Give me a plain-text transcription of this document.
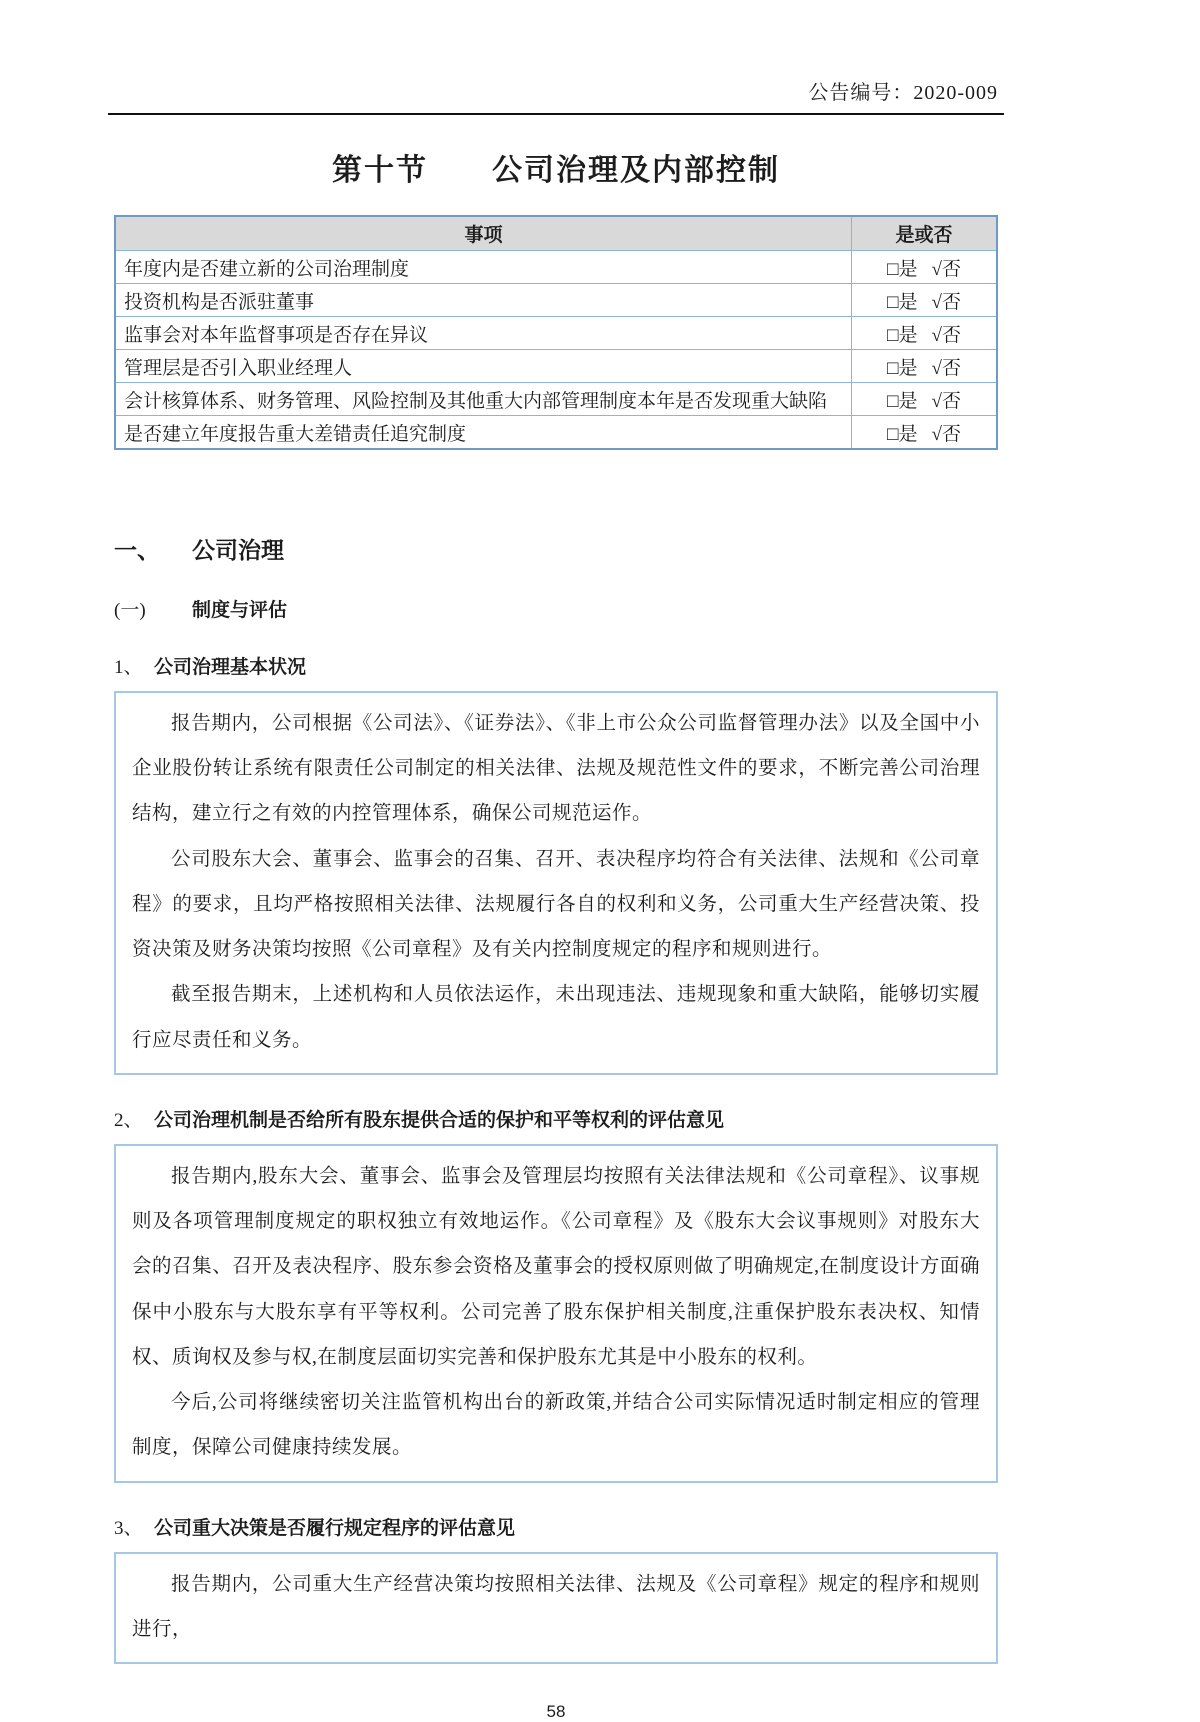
公告编号：2020-009
第十节　　公司治理及内部控制
事项	是或否
年度内是否建立新的公司治理制度	□是 √否
投资机构是否派驻董事	□是 √否
监事会对本年监督事项是否存在异议	□是 √否
管理层是否引入职业经理人	□是 √否
会计核算体系、财务管理、风险控制及其他重大内部管理制度本年是否发现重大缺陷	□是 √否
是否建立年度报告重大差错责任追究制度	□是 √否
一、	公司治理
(一)	制度与评估
1、 公司治理基本状况

报告期内，公司根据《公司法》、《证券法》、《非上市公众公司监督管理办法》以及全国中小企业股份转让系统有限责任公司制定的相关法律、法规及规范性文件的要求，不断完善公司治理结构，建立行之有效的内控管理体系，确保公司规范运作。

公司股东大会、董事会、监事会的召集、召开、表决程序均符合有关法律、法规和《公司章程》的要求，且均严格按照相关法律、法规履行各自的权利和义务，公司重大生产经营决策、投资决策及财务决策均按照《公司章程》及有关内控制度规定的程序和规则进行。

截至报告期末，上述机构和人员依法运作，未出现违法、违规现象和重大缺陷，能够切实履行应尽责任和义务。

2、 公司治理机制是否给所有股东提供合适的保护和平等权利的评估意见

报告期内,股东大会、董事会、监事会及管理层均按照有关法律法规和《公司章程》、议事规则及各项管理制度规定的职权独立有效地运作。《公司章程》及《股东大会议事规则》对股东大会的召集、召开及表决程序、股东参会资格及董事会的授权原则做了明确规定,在制度设计方面确保中小股东与大股东享有平等权利。公司完善了股东保护相关制度,注重保护股东表决权、知情权、质询权及参与权,在制度层面切实完善和保护股东尤其是中小股东的权利。

今后,公司将继续密切关注监管机构出台的新政策,并结合公司实际情况适时制定相应的管理制度，保障公司健康持续发展。

3、 公司重大决策是否履行规定程序的评估意见

报告期内，公司重大生产经营决策均按照相关法律、法规及《公司章程》规定的程序和规则进行，

58
